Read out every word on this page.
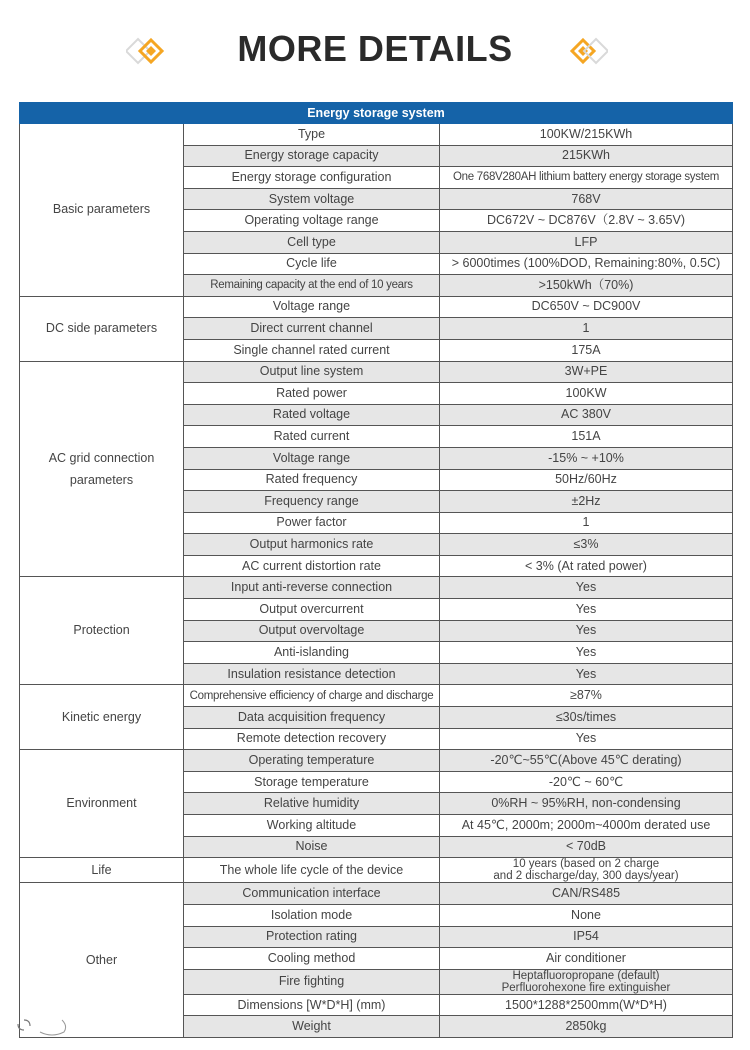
MORE DETAILS
Energy storage system		
Basic parameters	Type	100KW/215KWh
	Energy storage capacity	215KWh
	Energy storage configuration	One 768V280AH lithium battery energy storage system
	System voltage	768V
	Operating voltage range	DC672V ~ DC876V（2.8V ~ 3.65V)
	Cell type	LFP
	Cycle life	> 6000times (100%DOD, Remaining:80%, 0.5C)
	Remaining capacity at the end of 10 years	>150kWh（70%)
DC side parameters	Voltage range	DC650V ~ DC900V
	Direct current channel	1
	Single channel rated current	175A

AC grid connection
parameters	Output line system	3W+PE
	Rated power	100KW
	Rated voltage	AC 380V
	Rated current	151A
	Voltage range	-15% ~ +10%
	Rated frequency	50Hz/60Hz
	Frequency range	±2Hz
	Power factor	1
	Output harmonics rate	≤3%
	AC current distortion rate	< 3% (At rated power)
Protection	Input anti-reverse connection	Yes
	Output overcurrent	Yes
	Output overvoltage	Yes
	Anti-islanding	Yes
	Insulation resistance detection	Yes
Kinetic energy	Comprehensive efficiency of charge and discharge	≥87%
	Data acquisition frequency	≤30s/times
	Remote detection recovery	Yes
Environment	Operating temperature	-20℃~55℃(Above 45℃ derating)
	Storage temperature	-20℃ ~ 60℃
	Relative humidity	0%RH ~ 95%RH, non-condensing
	Working altitude	At 45℃, 2000m; 2000m~4000m derated use
	Noise	< 70dB
Life	The whole life cycle of the device	10 years (based on 2 charge
and 2 discharge/day, 300 days/year)

Other	Communication interface	CAN/RS485
	Isolation mode	None
	Protection rating	IP54
	Cooling method	Air conditioner
	Fire fighting	Heptafluoropropane (default)
Perfluorohexone fire extinguisher

	Dimensions [W*D*H] (mm)	1500*1288*2500mm(W*D*H)
	Weight	2850kg
